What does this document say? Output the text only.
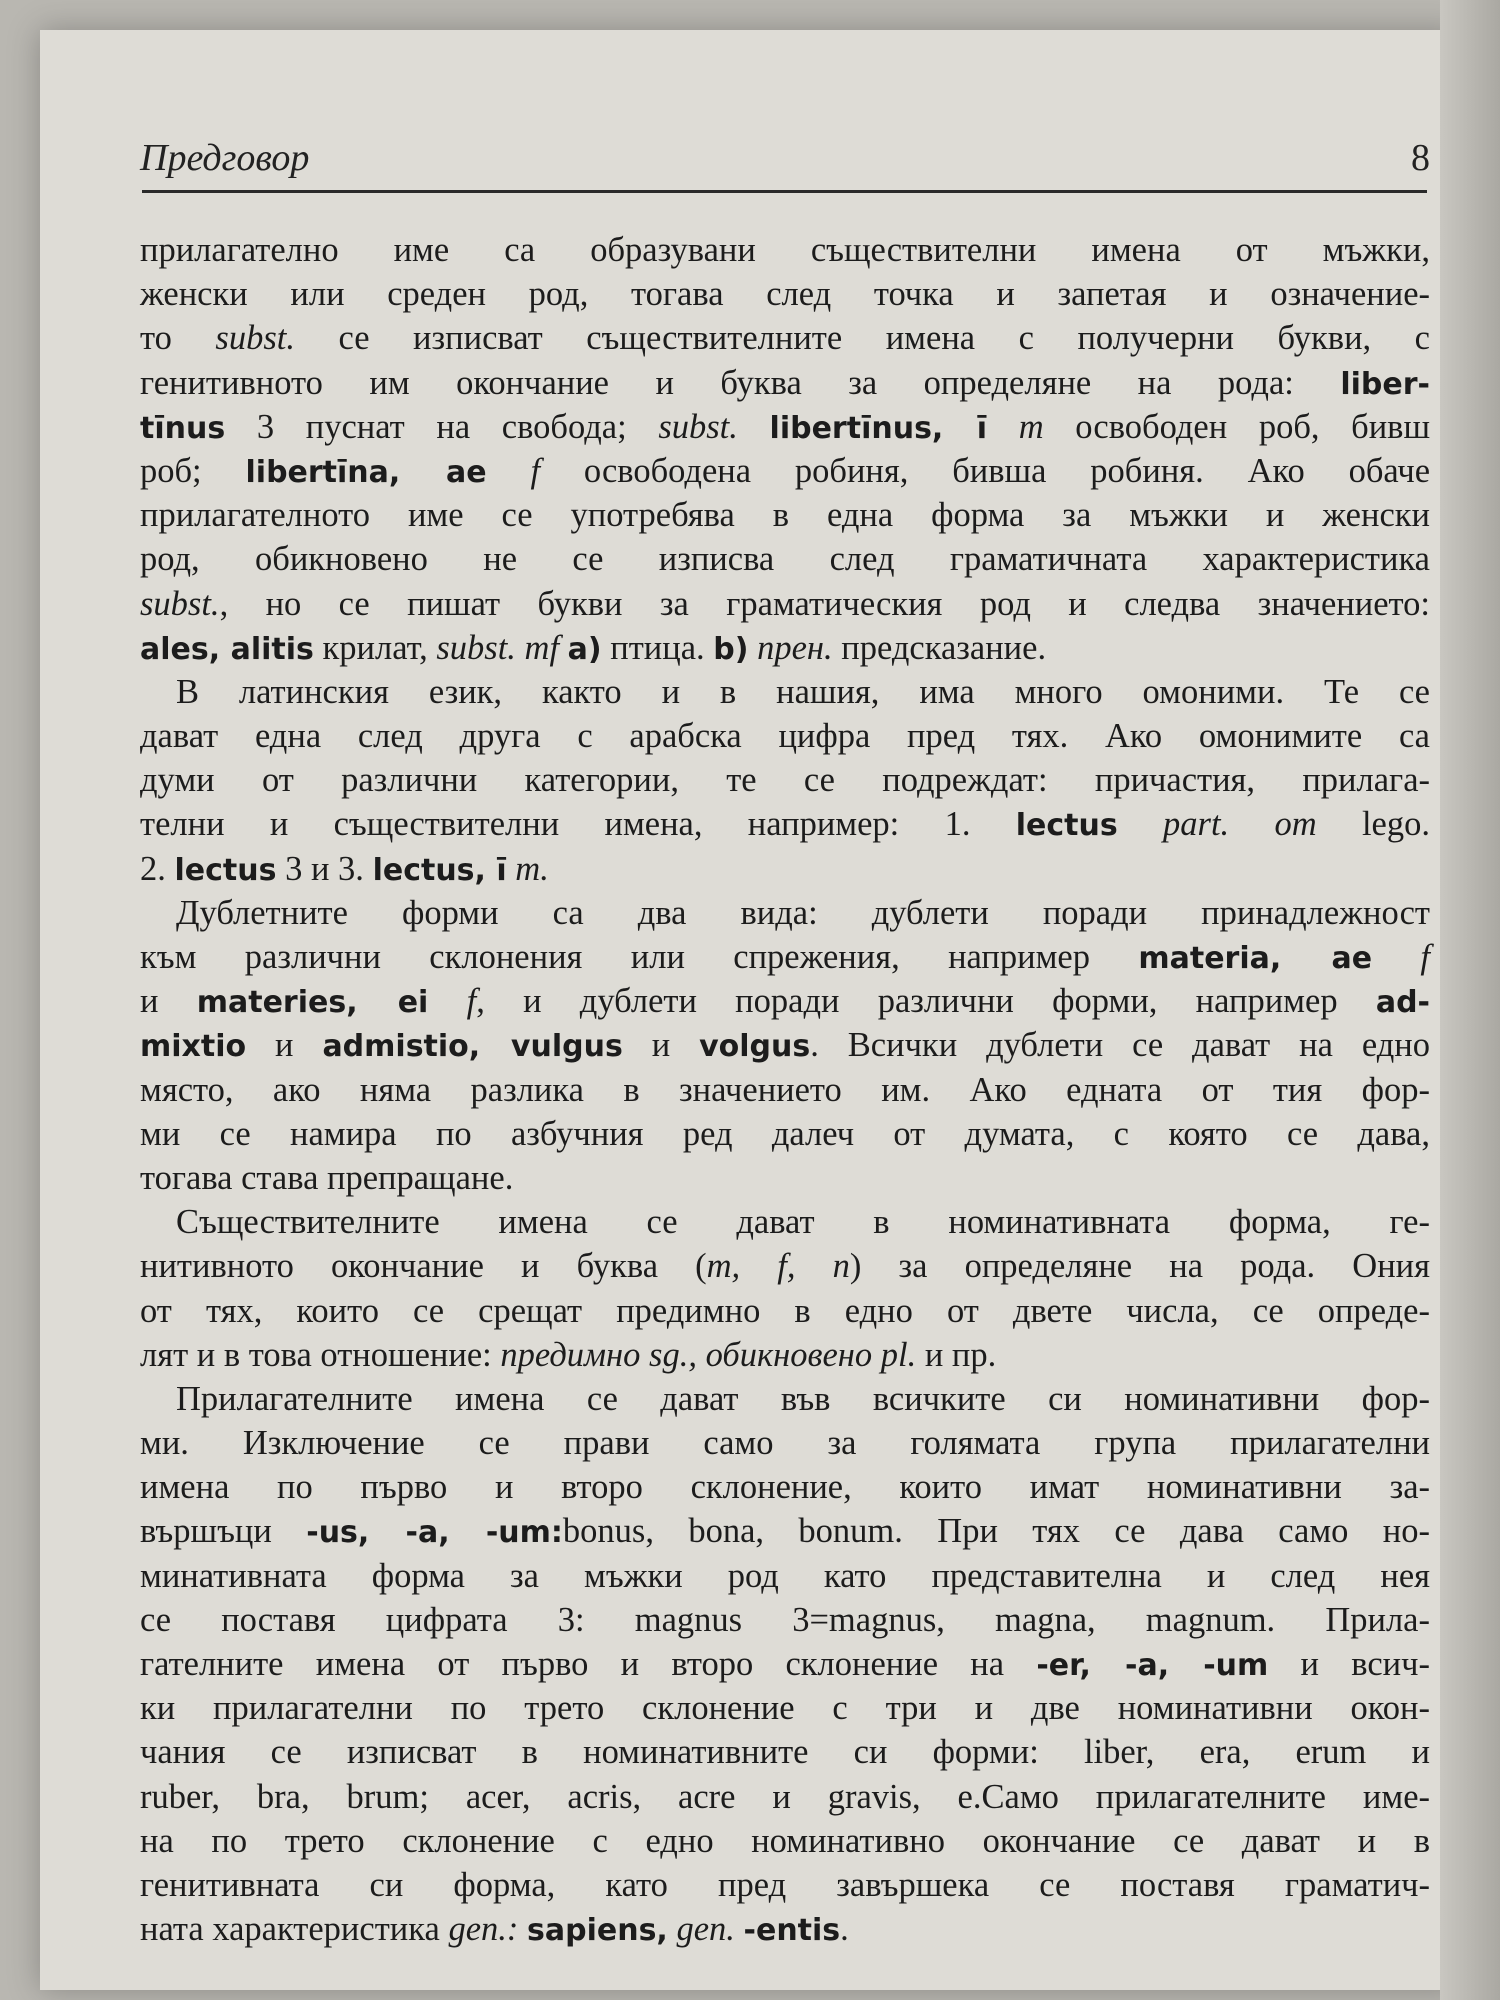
Предговор	8
прилагателно име са образувани съществителни имена от мъжки,
женски или среден род, тогава след точка и запетая и означение-
то subst. се изписват съществителните имена с получерни букви, с
генитивното им окончание и буква за определяне на рода: liber-
tīnus 3 пуснат на свобода; subst. libertīnus, ī m освободен роб, бивш
роб; libertīna, ae f освободена робиня, бивша робиня. Ако обаче
прилагателното име се употребява в една форма за мъжки и женски
род, обикновено не се изписва след граматичната характеристика
subst., но се пишат букви за граматическия род и следва значението:
ales, alitis крилат, subst. mf a) птица. b) прен. предсказание.
В латинския език, както и в нашия, има много омоними. Те се
дават една след друга с арабска цифра пред тях. Ако омонимите са
думи от различни категории, те се подреждат: причастия, прилага-
телни и съществителни имена, например: 1. lectus part. от lego.
2. lectus 3 и 3. lectus, ī m.
Дублетните форми са два вида: дублети поради принадлежност
към различни склонения или спрежения, например materia, ae f
и materies, ei f, и дублети поради различни форми, например ad-
mixtio и admistio, vulgus и volgus. Всички дублети се дават на едно
място, ако няма разлика в значението им. Ако едната от тия фор-
ми се намира по азбучния ред далеч от думата, с която се дава,
тогава става препращане.
Съществителните имена се дават в номинативната форма, ге-
нитивното окончание и буква (m, f, n) за определяне на рода. Ония
от тях, които се срещат предимно в едно от двете числа, се опреде-
лят и в това отношение: предимно sg., обикновено pl. и пр.
Прилагателните имена се дават във всичките си номинативни фор-
ми. Изключение се прави само за голямата група прилагателни
имена по първо и второ склонение, които имат номинативни за-
вършъци -us, -a, -um:bonus, bona, bonum. При тях се дава само но-
минативната форма за мъжки род като представителна и след нея
се поставя цифрата 3: magnus 3=magnus, magna, magnum. Прила-
гателните имена от първо и второ склонение на -er, -a, -um и всич-
ки прилагателни по трето склонение с три и две номинативни окон-
чания се изписват в номинативните си форми: liber, era, erum и
ruber, bra, brum; acer, acris, acre и gravis, e.Само прилагателните име-
на по трето склонение с едно номинативно окончание се дават и в
генитивната си форма, като пред завършека се поставя граматич-
ната характеристика gen.: sapiens, gen. -entis.
